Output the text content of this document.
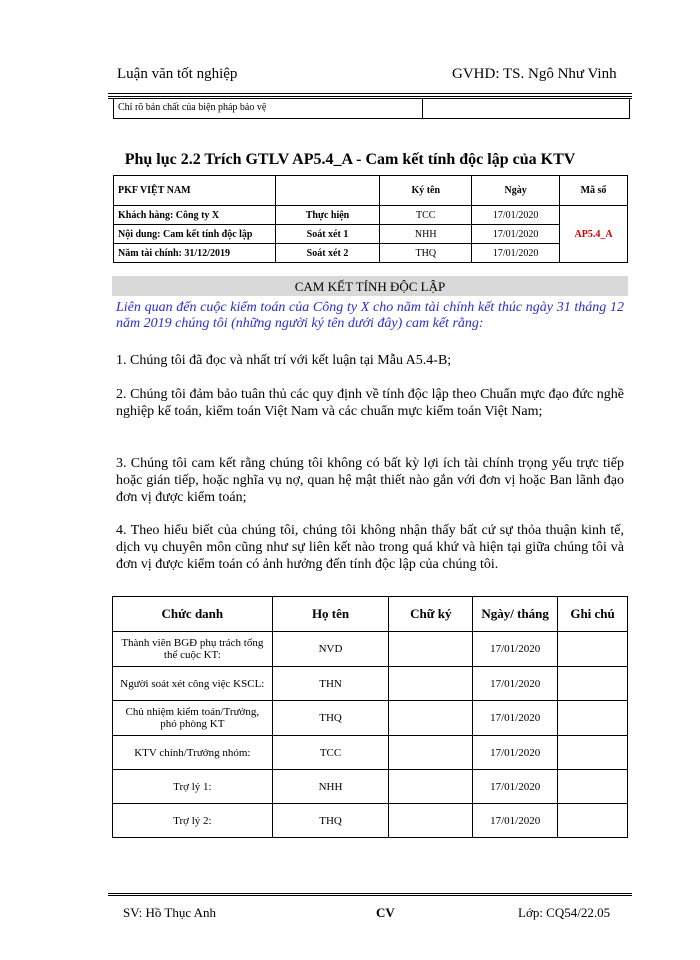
Luận văn tốt nghiệp	GVHD: TS. Ngô Như Vinh
Chỉ rõ bản chất của biện pháp bảo vệ
Phụ lục 2.2 Trích GTLV AP5.4_A - Cam kết tính độc lập của KTV
PKF VIỆT NAM		Ký tên	Ngày	Mã số
Khách hàng: Công ty X	Thực hiện	TCC	17/01/2020	AP5.4_A
Nội dung: Cam kết tính độc lập	Soát xét 1	NHH	17/01/2020	
Năm tài chính: 31/12/2019	Soát xét 2	THQ	17/01/2020	
CAM KẾT TÍNH ĐỘC LẬP
Liên quan đến cuộc kiểm toán của Công ty X cho năm tài chính kết thúc ngày 31 tháng 12 năm 2019 chúng tôi (những người ký tên dưới đây) cam kết rằng:
1. Chúng tôi đã đọc và nhất trí với kết luận tại Mẫu A5.4-B;
2. Chúng tôi đảm bảo tuân thủ các quy định về tính độc lập theo Chuẩn mực đạo đức nghề nghiệp kế toán, kiểm toán Việt Nam và các chuẩn mực kiểm toán Việt Nam;
3. Chúng tôi cam kết rằng chúng tôi không có bất kỳ lợi ích tài chính trọng yếu trực tiếp hoặc gián tiếp, hoặc nghĩa vụ nợ, quan hệ mật thiết nào gắn với đơn vị hoặc Ban lãnh đạo đơn vị được kiểm toán;
4. Theo hiểu biết của chúng tôi, chúng tôi không nhận thấy bất cứ sự thỏa thuận kinh tế, dịch vụ chuyên môn cũng như sự liên kết nào trong quá khứ và hiện tại giữa chúng tôi và đơn vị được kiểm toán có ảnh hưởng đến tính độc lập của chúng tôi.
Chức danh	Họ tên	Chữ ký	Ngày/ tháng	Ghi chú
Thành viên BGĐ phụ trách tổng thể cuộc KT:	NVD		17/01/2020	
Người soát xét công việc KSCL:	THN		17/01/2020	
Chủ nhiệm kiểm toán/Trưởng, phó phòng KT	THQ		17/01/2020	
KTV chính/Trưởng nhóm:	TCC		17/01/2020	
Trợ lý 1:	NHH		17/01/2020	
Trợ lý 2:	THQ		17/01/2020	
SV: Hồ Thục Anh	CV	Lớp: CQ54/22.05
